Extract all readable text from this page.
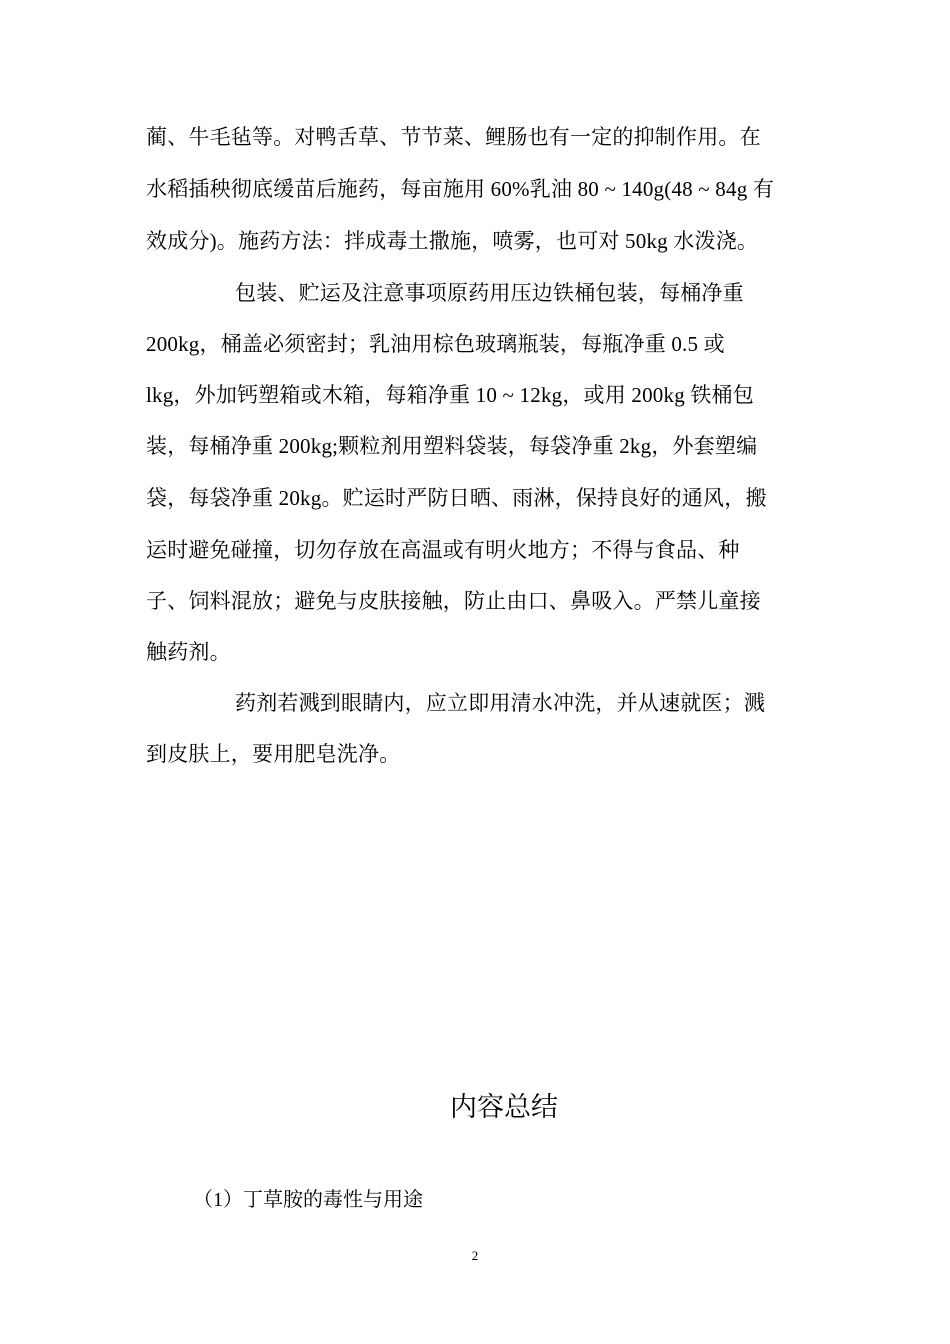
蔺、牛毛毡等。对鸭舌草、节节菜、鲤肠也有一定的抑制作用。在
水稻插秧彻底缓苗后施药，每亩施用 60%乳油 80 ~ 140g(48 ~ 84g 有
效成分)。施药方法：拌成毒土撒施，喷雾，也可对 50kg 水泼浇。
包装、贮运及注意事项原药用压边铁桶包装，每桶净重
200kg，桶盖必须密封；乳油用棕色玻璃瓶装，每瓶净重 0.5 或
lkg，外加钙塑箱或木箱，每箱净重 10 ~ 12kg，或用 200kg 铁桶包
装，每桶净重 200kg;颗粒剂用塑料袋装，每袋净重 2kg，外套塑编
袋，每袋净重 20kg。贮运时严防日晒、雨淋，保持良好的通风，搬
运时避免碰撞，切勿存放在高温或有明火地方；不得与食品、种
子、饲料混放；避免与皮肤接触，防止由口、鼻吸入。严禁儿童接
触药剂。
药剂若溅到眼睛内，应立即用清水冲洗，并从速就医；溅
到皮肤上，要用肥皂洗净。
内容总结
（1）丁草胺的毒性与用途
2
